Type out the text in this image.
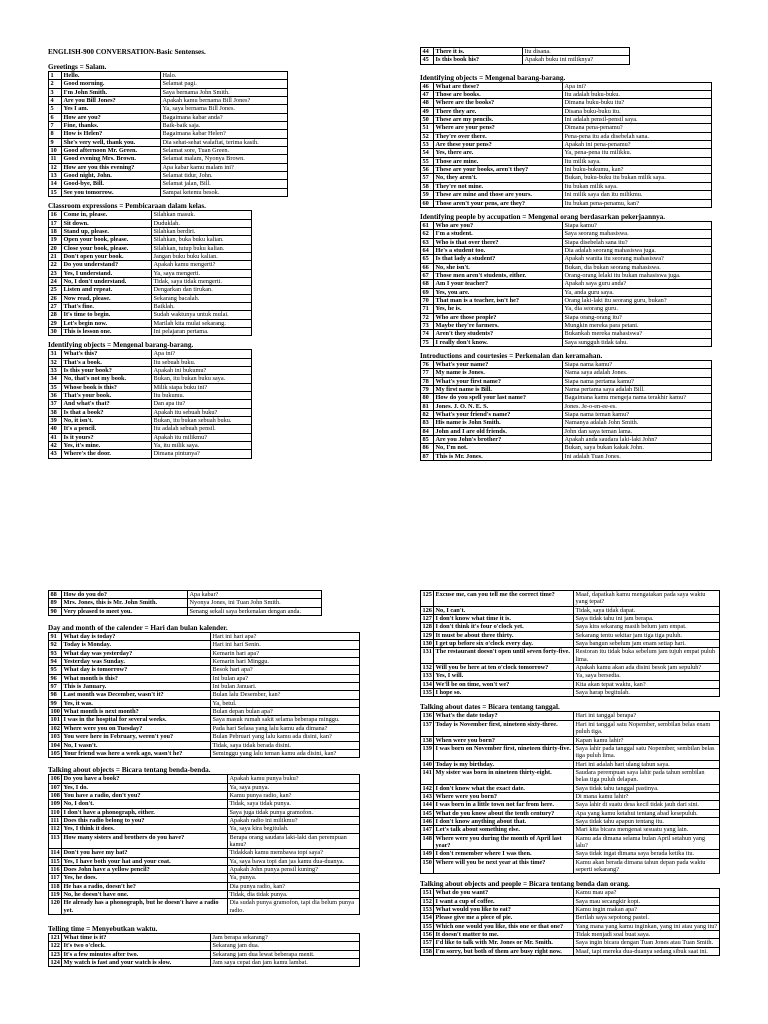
ENGLISH-900 CONVERSATION-Basic Sentenses.
Greetings = Salam.
1	Hello.	Halo.
2	Good morning.	Selamat pagi.
3	I'm John Smith.	Saya bernama John Smith.
4	Are you Bill Jones?	Apakah kamu bernama Bill Jones?
5	Yes I am.	Ya, saya bernama Bill Jones.
6	How are you?	Bagaimana kabar anda?
7	Fine, thanks.	Baik-baik saja.
8	How is Helen?	Bagaimana kabar Helen?
9	She's very well, thank you.	Dia sehat-sehat walafiat, terima kasih.
10	Good afternoon Mr. Green.	Selamat sore, Tuan Green.
11	Good evening Mrs. Brown.	Selamat malam, Nyonya Brown.
12	How are you this evening?	Apa kabar kamu malam ini?
13	Good night, John.	Selamat tidur, John.
14	Good-bye, Bill.	Selamat jalan, Bill.
15	See you tomorrow.	Sampai ketemu besok.
Classroom expressions = Pembicaraan dalam kelas.
16	Come in, please.	Silahkan masuk.
17	Sit down.	Duduklah.
18	Stand up, please.	Silahkan berdiri.
19	Open your book, please.	Silahkan, buka buku kalian.
20	Close your book, please.	Silahkan, tutup buku kalian.
21	Don't open your book.	Jangan buku buku kalian.
22	Do you understand?	Apakah kamu mengerti?
23	Yes, I understand.	Ya, saya mengerti.
24	No, I don't understand.	Tidak, saya tidak mengerti.
25	Listen and repeat.	Dengarkan dan tirukan.
26	Now read, please.	Sekarang bacalah.
27	That's fine.	Baiklah.
28	It's time to begin.	Sudah waktunya untuk mulai.
29	Let's begin now.	Marilah kita mulai sekarang.
30	This is lesson one.	Ini pelajaran pertama.
Identifying objects = Mengenal barang-barang.
31	What's this?	Apa ini?
32	That's a book.	Itu sebuah buku.
33	Is this your book?	Apakah ini bukumu?
34	No, that's not my book.	Bukan, itu bukan buku saya.
35	Whose book is this?	Milik siapa buku ini?
36	That's your book.	Itu bukumu.
37	And what's that?	Dan apa itu?
38	Is that a book?	Apakah itu sebuah buku?
39	No, it isn't.	Bukan, itu bukan sebuah buku.
40	It's a pencil.	Itu adalah sebuah pensil.
41	Is it yours?	Apakah itu milikmu?
42	Yes, it's mine.	Ya, itu milik saya.
43	Where's the door.	Dimana pintunya?
44	There it is.	Itu disana.
45	Is this book his?	Apakah buku ini miliknya?
Identifying objects = Mengenal barang-barang.
46	What are these?	Apa ini?
47	Those are books.	Itu adalah buku-buku.
48	Where are the books?	Dimana buku-buku itu?
49	There they are.	Disana buku-buku itu.
50	These are my pencils.	Ini adalah pensil-pensil saya.
51	Where are your pens?	Dimana pena-penamu?
52	They're over there.	Pena-pena itu ada disebelah sana.
53	Are these your pens?	Apakah ini pena-penamu?
54	Yes, there are.	Ya, pena-pena itu milikku.
55	Those are mine.	Itu milik saya.
56	These are your books, aren't they?	Ini buku-bukumu, kan?
57	No, they aren't.	Bukan, buku-buku itu bukan milik saya.
58	They're not mine.	Itu bukan milik saya.
59	These are mine and those are yours.	Ini milik saya dan itu milikmu.
60	Those aren't your pens, are they?	Itu bukan pena-penamu, kan?
Identifying people by accupation = Mengenal orang berdasarkan pekerjaannya.
61	Who are you?	Siapa kamu?
62	I'm a student.	Saya seorang mahasiswa.
63	Who is that over there?	Siapa disebelah sana itu?
64	He's a student too.	Dia adalah seorang mahasiswa juga.
65	Is that lady a student?	Apakah wanita itu seorang mahasiswa?
66	No, she isn't.	Bukan, dia bukan seorang mahasiswa.
67	Those men aren't students, either.	Orang-orang lelaki itu bukan mahasiswa juga.
68	Am I your teacher?	Apakah saya guru anda?
69	Yes, you are.	Ya, anda guru saya.
70	That man is a teacher, isn't he?	Orang laki-laki itu seorang guru, bukan?
71	Yes, he is.	Ya, dia seorang guru.
72	Who are those people?	Siapa orang-orang itu?
73	Maybe they're farmers.	Mungkin mereka para petani.
74	Aren't they students?	Bukankah mereka mahasiswa?
75	I really don't know.	Saya sungguh tidak tahu.
Introductions and courtesies = Perkenalan dan keramahan.
76	What's your name?	Siapa nama kamu?
77	My name is Jones.	Nama saya adalah Jones.
78	What's your first name?	Siapa nama pertama kamu?
79	My first name is Bill.	Nama pertama saya adalah Bill.
80	How do you spell your last name?	Bagaimana kamu mengeja nama terakhir kamu?
81	Jones. J. O. N. E. S.	Jones. Je-o-en-ee-es.
82	What's your friend's name?	Siapa nama teman kamu?
83	His name is John Smith.	Namanya adalah John Smith.
84	John and I are old friends.	John dan saya teman lama.
85	Are you John's brother?	Apakah anda saudara laki-laki John?
86	No, I'm not.	Bukan, saya bukan kakak John.
87	This is Mr. Jones.	Ini adalah Tuan Jones.
88	How do you do?	Apa kabar?
89	Mrs. Jones, this is Mr. John Smith.	Nyonya Jones, ini Tuan John Smith.
90	Very pleased to meet you.	Senang sekali saya berkenalan dengan anda.
Day and month of the calender = Hari dan bulan kalender.
91	What day is today?	Hari ini hari apa?
92	Today is Monday.	Hari ini hari Senin.
93	What day was yesterday?	Kemarin hari apa?
94	Yesterday was Sunday.	Kemarin hari Minggu.
95	What day is tomorrow?	Besok hari apa?
96	What month is this?	Ini bulan apa?
97	This is January.	Ini bulan Januari.
98	Last month was December, wasn't it?	Bulan lalu Desember, kan?
99	Yes, it was.	Ya, betul.
100	What month is next month?	Bulan depan bulan apa?
101	I was in the hospital for several weeks.	Saya masuk rumah sakit selama beberapa minggu.
102	Where were you on Tuesday?	Pada hari Selasa yang lalu kamu ada dimana?
103	You were here in February, weren't you?	Bulan Pebruari yang lalu kamu ada disini, kan?
104	No, I wasn't.	Tidak, saya tidak berada disini.
105	Your friend was here a week ago, wasn't he?	Seminggu yang lalu teman kamu ada disini, kan?
Talking about objects = Bicara tentang benda-benda.
106	Do you have a book?	Apakah kamu punya buku?
107	Yes, I do.	Ya, saya punya.
108	You have a radio, don't you?	Kamu punya radio, kan?
109	No, I don't.	Tidak, saya tidak punya.
110	I don't have a phonograph, either.	Saya juga tidak punya gramofon.
111	Does this radio belong to you?	Apakah radio ini milikmu?
112	Yes, I think it does.	Ya, saya kira begitulah.
113	How many sisters and brothers do you have?	Berapa orang saudara laki-laki dan perempuan kamu?
114	Don't you have my hat?	Tidakkah kamu membawa topi saya?
115	Yes, I have both your hat and your coat.	Ya, saya bawa topi dan jas kamu dua-duanya.
116	Does John have a yellow pencil?	Apakah John punya pensil kuning?
117	Yes, he does.	Ya, punya.
118	He has a radio, doesn't he?	Dia punya radio, kan?
119	No, he doesn't have one.	Tidak, dia tidak punya.
120	He already has a phonograph, but he doesn't have a radio yet.	Dia sudah punya gramofon, tapi dia belum punya radio.
Telling time = Menyebutkan waktu.
121	What time is it?	Jam berapa sekarang?
122	It's two o'clock.	Sekarang jam dua.
123	It's a few minutes after two.	Sekarang jam dua lewat beberapa menit.
124	My watch is fast and your watch is slow.	Jam saya cepat dan jam kamu lambat.
125	Excuse me, can you tell me the correct time?	Maaf, dapatkah kamu mengatakan pada saya waktu yang tepat?
126	No, I can't.	Tidak, saya tidak dapat.
127	I don't know what time it is.	Saya tidak tahu ini jam berapa.
128	I don't think it's four o'clock yet.	Saya kira sekarang masih belum jam empat.
129	It must be about three thirty.	Sekarang tentu sekitar jam tiga tiga puluh.
130	I get up before six o'clock every day.	Saya bangun sebelum jam enam setiap hari.
131	The restaurant doesn't open until seven forty-five.	Restoran itu tidak buka sebelum jam tujuh empat puluh lima.
132	Will you be here at ten o'clock tomorrow?	Apakah kamu akan ada disini besok jam sepuluh?
133	Yes, I will.	Ya, saya bersedia.
134	We'll be on time, won't we?	Kita akan tepat waktu, kan?
135	I hope so.	Saya harap begitulah.
Talking about dates = Bicara tentang tanggal.
136	What's the date today?	Hari ini tanggal berapa?
137	Today is November first, nineteen sixty-three.	Hari ini tanggal satu Nopember, sembilan belas enam puluh tiga.
138	When were you born?	Kapan kamu lahir?
139	I was born on November first, nineteen thirty-five.	Saya lahir pada tanggal satu Nopember, sembilan belas tiga puluh lima.
140	Today is my birthday.	Hari ini adalah hari ulang tahun saya.
141	My sister was born in nineteen thirty-eight.	Saudara perempuan saya lahir pada tahun sembilan belas tiga puluh delapan.
142	I don't know what the exact date.	Saya tidak tahu tanggal pastinya.
143	Where were you born?	Di mana kamu lahir?
144	I was born in a little town not far from here.	Saya lahir di suatu desa kecil tidak jauh dari sini.
145	What do you know about the tenth century?	Apa yang kamu ketahui tentang abad kesepuluh.
146	I don't know anything about that.	Saya tidak tahu apapun tentang itu.
147	Let's talk about something else.	Mari kita bicara mengenai sesuatu yang lain.
148	Where were you during the month of April last year?	Kamu ada dimana selama bulan April setahun yang lalu?
149	I don't remember where I was then.	Saya tidak ingat dimana saya berada ketika itu.
150	Where will you be next year at this time?	Kamu akan berada dimana tahun depan pada waktu seperti sekarang?
Talking about objects and people = Bicara tentang benda dan orang.
151	What do you want?	Kamu mau apa?
152	I want a cup of coffee.	Saya mau secangkir kopi.
153	What would you like to eat?	Kamu ingin makan apa?
154	Please give me a piece of pie.	Berilah saya sepotong pastel.
155	Which one would you like, this one or that one?	Yang mana yang kamu inginkan, yang ini atau yang itu?
156	It doesn't matter to me.	Tidak menjadi soal buat saya.
157	I'd like to talk with Mr. Jones or Mr. Smith.	Saya ingin bicara dengan Tuan Jones atau Tuan Smith.
158	I'm sorry, but both of them are busy right now.	Maaf, tapi mereka dua-duanya sedang sibuk saat ini.
